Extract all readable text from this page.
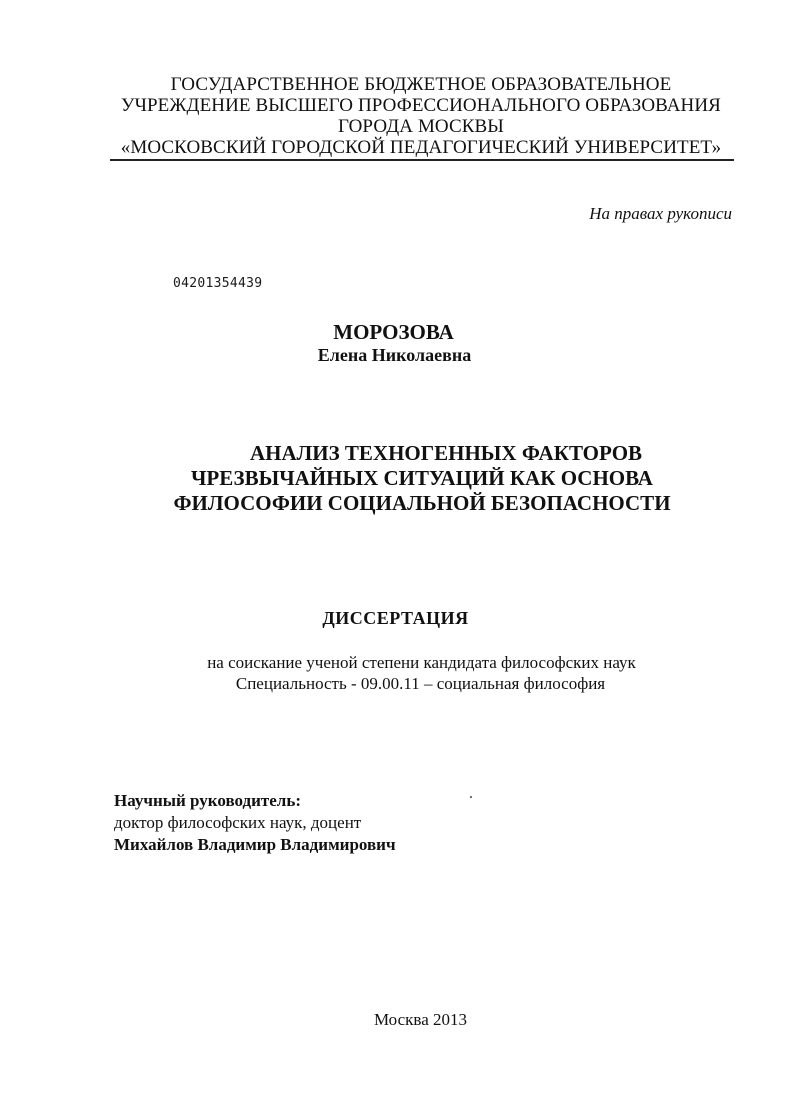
ГОСУДАРСТВЕННОЕ БЮДЖЕТНОЕ ОБРАЗОВАТЕЛЬНОЕ
УЧРЕЖДЕНИЕ ВЫСШЕГО ПРОФЕССИОНАЛЬНОГО ОБРАЗОВАНИЯ
ГОРОДА МОСКВЫ
«МОСКОВСКИЙ ГОРОДСКОЙ ПЕДАГОГИЧЕСКИЙ УНИВЕРСИТЕТ»
На правах рукописи
04201354439
МОРОЗОВА
Елена Николаевна
АНАЛИЗ ТЕХНОГЕННЫХ ФАКТОРОВ
ЧРЕЗВЫЧАЙНЫХ СИТУАЦИЙ КАК ОСНОВА
ФИЛОСОФИИ СОЦИАЛЬНОЙ БЕЗОПАСНОСТИ
ДИССЕРТАЦИЯ
на соискание ученой степени кандидата философских наук
Специальность - 09.00.11 – социальная философия
Научный руководитель:
доктор философских наук, доцент
Михайлов Владимир Владимирович
Москва 2013
